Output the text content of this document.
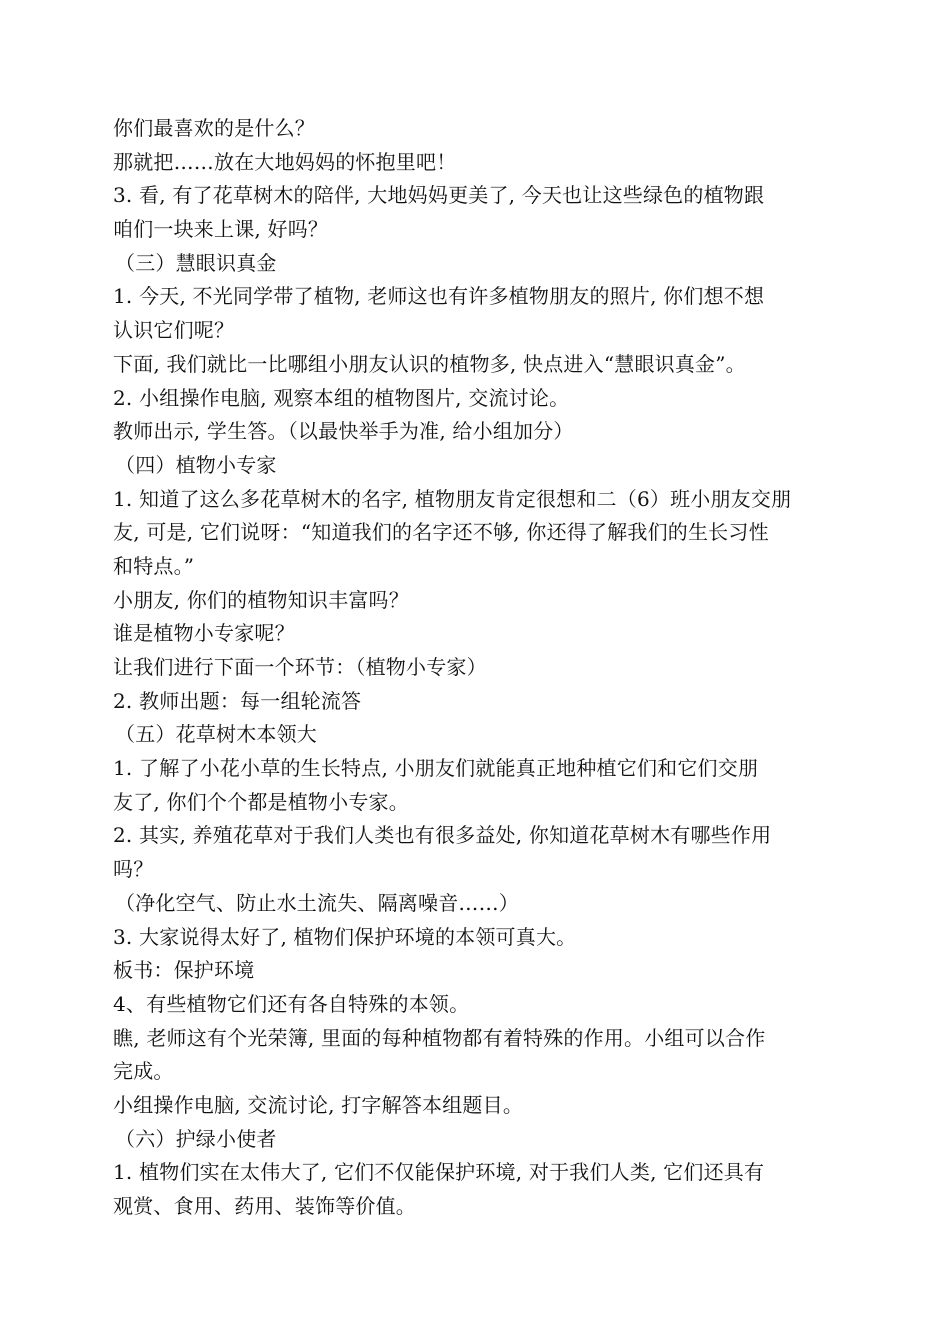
你们最喜欢的是什么？
那就把……放在大地妈妈的怀抱里吧！
3. 看, 有了花草树木的陪伴, 大地妈妈更美了, 今天也让这些绿色的植物跟
咱们一块来上课, 好吗？
（三）慧眼识真金
1. 今天, 不光同学带了植物, 老师这也有许多植物朋友的照片, 你们想不想
认识它们呢？
下面, 我们就比一比哪组小朋友认识的植物多, 快点进入“慧眼识真金”。
2. 小组操作电脑, 观察本组的植物图片, 交流讨论。
教师出示, 学生答。（以最快举手为准, 给小组加分）
（四）植物小专家
1. 知道了这么多花草树木的名字, 植物朋友肯定很想和二（6）班小朋友交朋
友, 可是, 它们说呀：“知道我们的名字还不够, 你还得了解我们的生长习性
和特点。”
小朋友, 你们的植物知识丰富吗？
谁是植物小专家呢？
让我们进行下面一个环节：（植物小专家）
2. 教师出题：每一组轮流答
（五）花草树木本领大
1. 了解了小花小草的生长特点, 小朋友们就能真正地种植它们和它们交朋
友了, 你们个个都是植物小专家。
2. 其实, 养殖花草对于我们人类也有很多益处, 你知道花草树木有哪些作用
吗？
（净化空气、防止水土流失、隔离噪音……）
3. 大家说得太好了, 植物们保护环境的本领可真大。
板书：保护环境
4、有些植物它们还有各自特殊的本领。
瞧, 老师这有个光荣簿, 里面的每种植物都有着特殊的作用。小组可以合作
完成。
小组操作电脑, 交流讨论, 打字解答本组题目。
（六）护绿小使者
1. 植物们实在太伟大了, 它们不仅能保护环境, 对于我们人类, 它们还具有
观赏、食用、药用、装饰等价值。
